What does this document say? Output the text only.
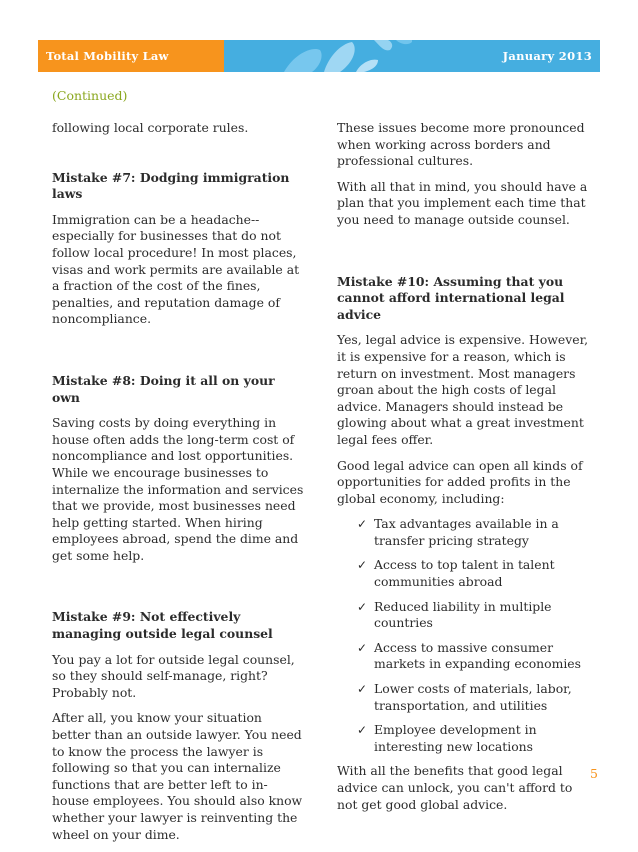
Total Mobility Law	January 2013
(Continued)

following local corporate rules.

Mistake #7: Dodging immigration laws

Immigration can be a headache--especially for businesses that do not follow local procedure! In most places, visas and work permits are available at a fraction of the cost of the fines, penalties, and reputation damage of noncompliance.

Mistake #8: Doing it all on your own

Saving costs by doing everything in house often adds the long-term cost of noncompliance and lost opportunities. While we encourage businesses to internalize the information and services that we provide, most businesses need help getting started. When hiring employees abroad, spend the dime and get some help.

Mistake #9: Not effectively managing outside legal counsel

You pay a lot for outside legal counsel, so they should self-manage, right? Probably not.

After all, you know your situation better than an outside lawyer. You need to know the process the lawyer is following so that you can internalize functions that are better left to in-house employees. You should also know whether your lawyer is reinventing the wheel on your dime.

These issues become more pronounced when working across borders and professional cultures.

With all that in mind, you should have a plan that you implement each time that you need to manage outside counsel.

Mistake #10: Assuming that you cannot afford international legal advice

Yes, legal advice is expensive. However, it is expensive for a reason, which is return on investment. Most managers groan about the high costs of legal advice. Managers should instead be glowing about what a great investment legal fees offer.

Good legal advice can open all kinds of opportunities for added profits in the global economy, including:

✓ Tax advantages available in a transfer pricing strategy
✓ Access to top talent in talent communities abroad
✓ Reduced liability in multiple countries
✓ Access to massive consumer markets in expanding economies
✓ Lower costs of materials, labor, transportation, and utilities
✓ Employee development in interesting new locations

With all the benefits that good legal advice can unlock, you can't afford to not get good global advice.

5
